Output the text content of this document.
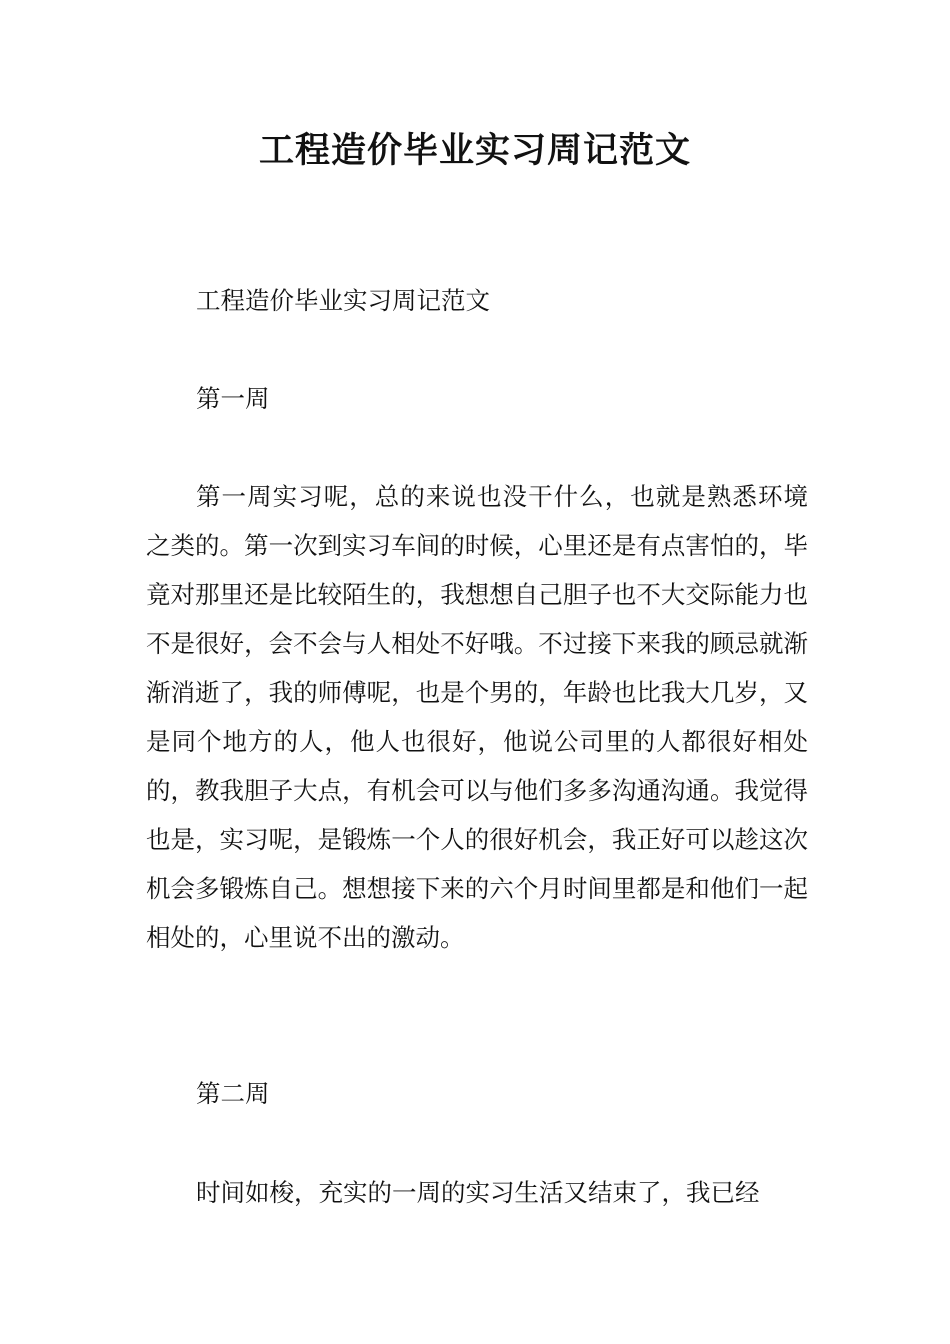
工程造价毕业实习周记范文

工程造价毕业实习周记范文

第一周

第一周实习呢，总的来说也没干什么，也就是熟悉环境之类的。第一次到实习车间的时候，心里还是有点害怕的，毕竟对那里还是比较陌生的，我想想自己胆子也不大交际能力也不是很好，会不会与人相处不好哦。不过接下来我的顾忌就渐渐消逝了，我的师傅呢，也是个男的，年龄也比我大几岁，又是同个地方的人，他人也很好，他说公司里的人都很好相处的，教我胆子大点，有机会可以与他们多多沟通沟通。我觉得也是，实习呢，是锻炼一个人的很好机会，我正好可以趁这次机会多锻炼自己。想想接下来的六个月时间里都是和他们一起相处的，心里说不出的激动。

第二周

时间如梭，充实的一周的实习生活又结束了，我已经
